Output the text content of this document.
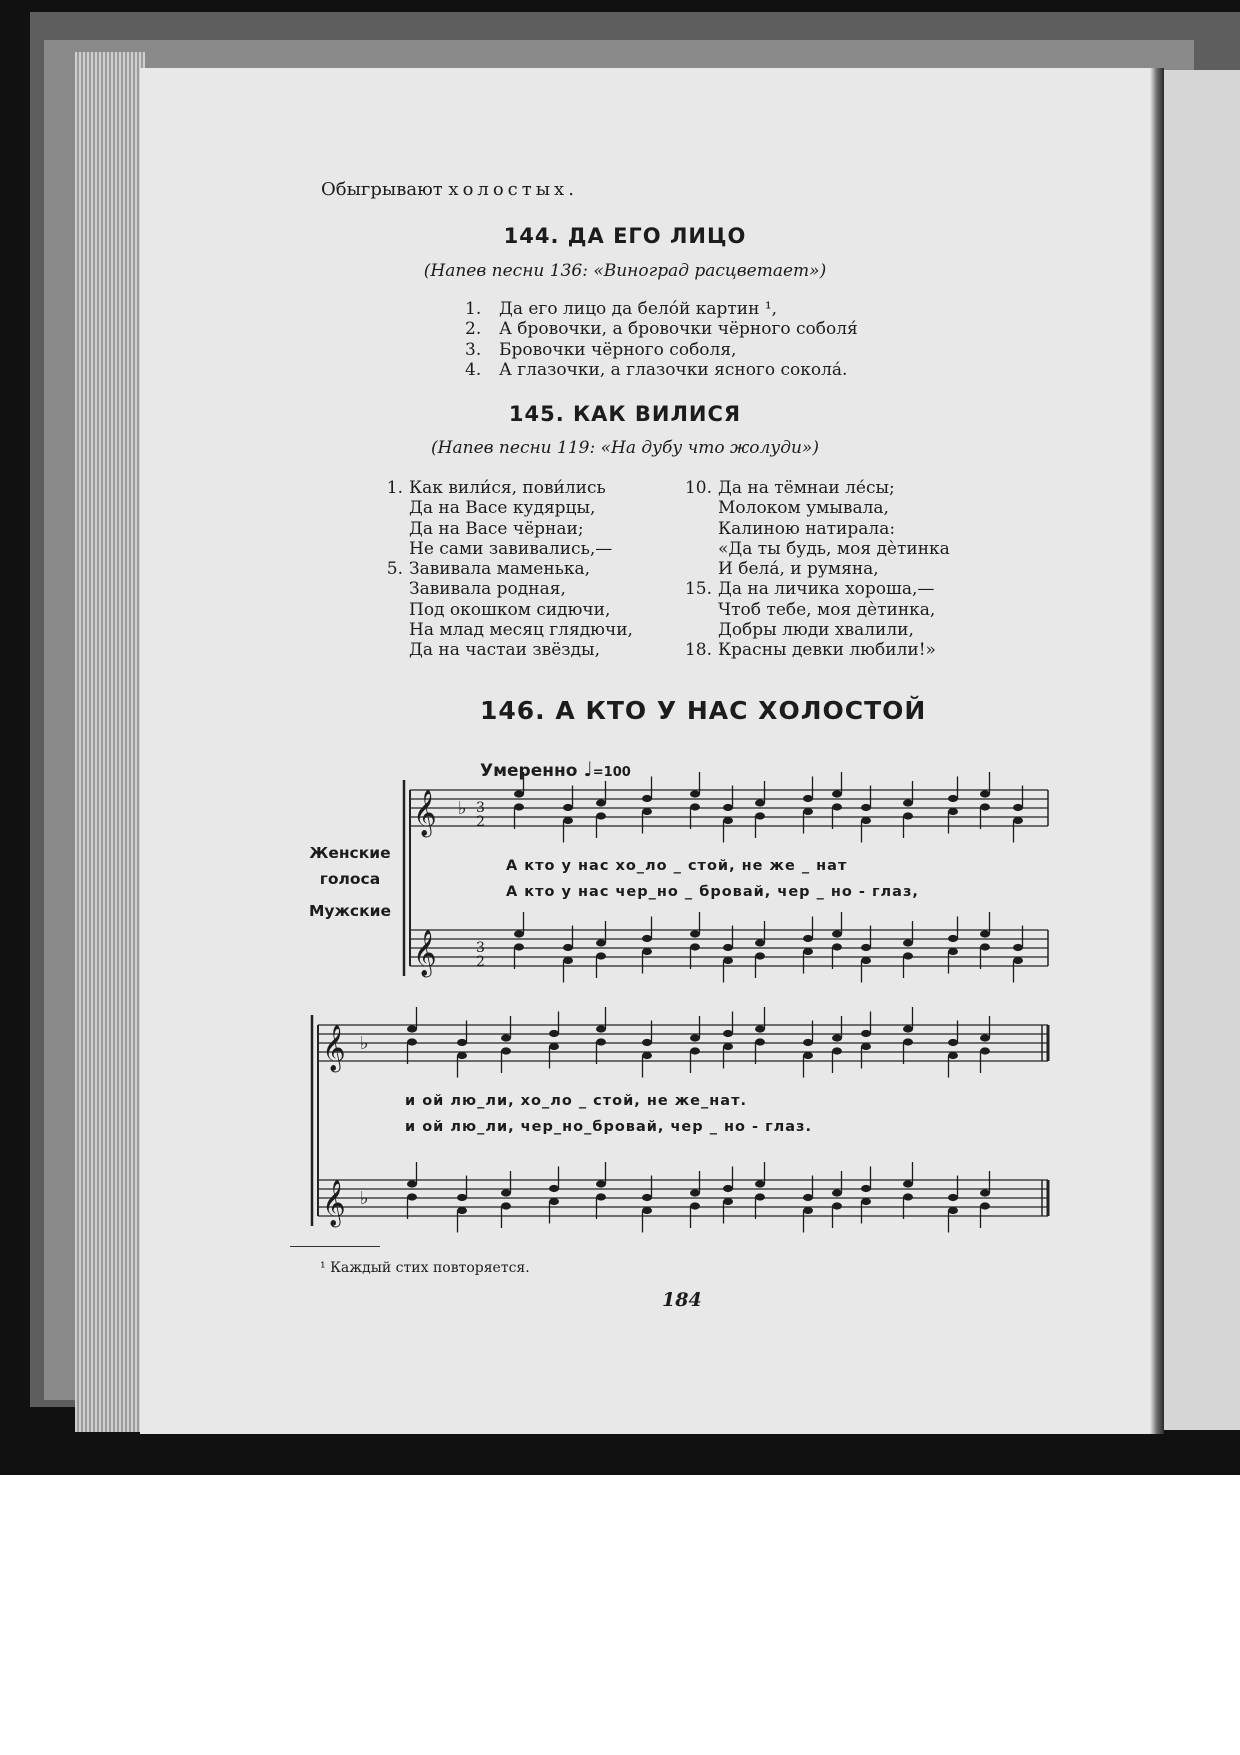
Обыгрывают холостых.
144. ДА ЕГО ЛИЦО
(Напев песни 136: «Виноград расцветает»)
1. Да его лицо да белóй картин ¹,
2. А бровочки, а бровочки чёрного соболя́
3. Бровочки чёрного соболя,
4. А глазочки, а глазочки ясного сокола́.
145. КАК ВИЛИСЯ
(Напев песни 119: «На дубу что жолуди»)
1. Как вили́ся, пови́лись
Да на Васе кудярцы,
Да на Васе чёрнаи;
Не сами завивались,—
5. Завивала маменька,
Завивала родная,
Под окошком сидючи,
На млад месяц глядючи,
Да на частаи звёзды,
10. Да на тёмнаи ле́сы;
Молоком умывала,
Калиною натирала:
«Да ты будь, моя дѐтинка
И бела́, и румяна,
15. Да на личика хороша,—
Чтоб тебе, моя дѐтинка,
Добры люди хвалили,
18. Красны девки любили!»
146. А КТО У НАС ХОЛОСТОЙ
Умеренно ♩=100
Женские голоса
Мужские
𝄞
𝄞
♭ 3
2
3
2
𝄞
𝄞
♭
♭
А кто у нас хо_ло _ стой, не же _ нат
А кто у нас чер_но _ бровай, чер _ но - глаз,
и ой лю_ли, хо_ло _ стой, не же_нат.
и ой лю_ли, чер_но_бровай, чер _ но - глаз.
¹ Каждый стих повторяется.
184
